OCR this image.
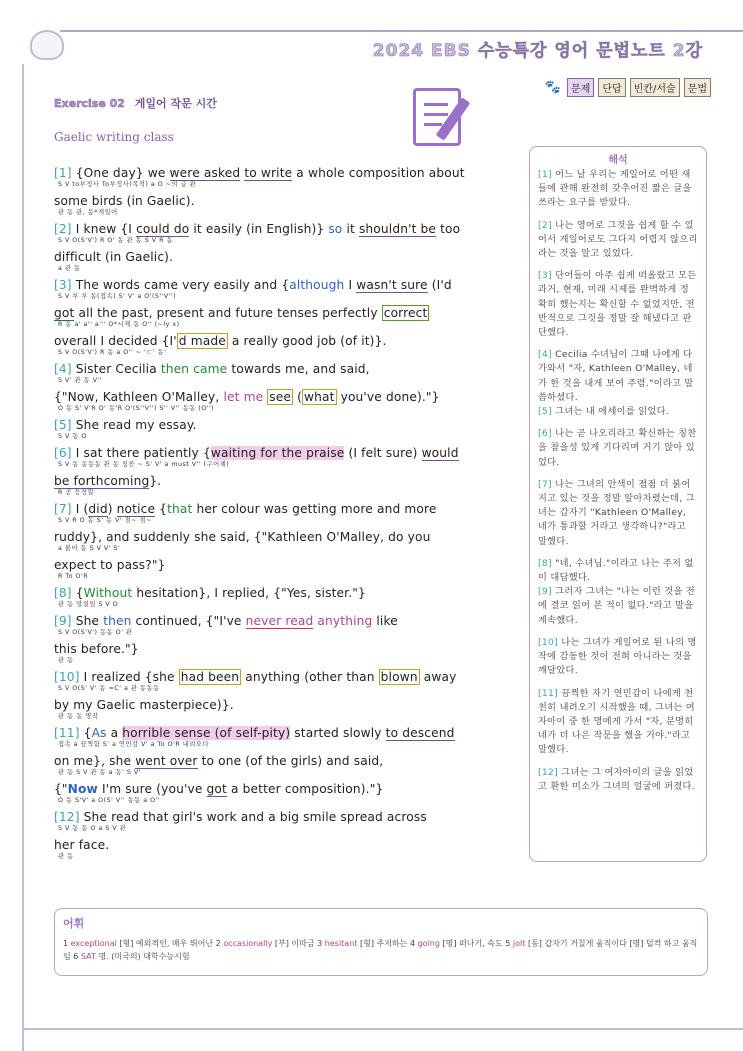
2024 EBS 수능특강 영어 문법노트 2강
🐾	문제	단답	빈칸/서술	문법
Exercise 02 게일어 작문 시간
Gaelic writing class
[1] {One day} we were asked to write a whole composition about
S V to부정사 To부정사(목적) a O ~의 글 관
some birds (in Gaelic).
관 동 관, 동*게일어
[2] I knew {I could do it easily (in English)} so it shouldn't be too
S V O(S'V') R O' 동 관 동 S V R 동
difficult (in Gaelic).
a 관 동
[3] The words came very easily and {although I wasn't sure (I'd
S V 부 부 동(접속) S' V' a O'(S''V'')
got all the past, present and future tenses perfectly correct
R 동 a' a'' a''' O*시제 동 O'' (~ly x)
overall I decided {I' d made a really good job (of it)}.
S V O(S'V') R 동 a O'' ~ 'ㄷ' 동'
[4] Sister Cecilia then came towards me, and said,
S V' 관 동 V''
{"Now, Kathleen O'Malley, let me see ( what you've done)."}
O 동 S' V'R O' 동'R O'(S''V'') S'' V'' 동동 (O'')
[5] She read my essay.
S V 동 O
[6] I sat there patiently {waiting for the praise (I felt sure) would
S V 동 동동동 관 동 칭찬 ~ S' V' a must V'' (구어체)
be forthcoming}.
R 곧 등장할
[7] I (did) notice {that her colour was getting more and more
S V R O 동 S' 동 V' 점~ 점~
ruddy}, and suddenly she said, {"Kathleen O'Malley, do you
a 붉어 동 S V V' S'
expect to pass?"}
R To O'R
[8] {Without hesitation}, I replied, {"Yes, sister."}
관 동 망설임 S V O
[9] She then continued, {"I've never read anything like
S V O(S'V') 동동 O' 관
this before."}
관 동
[10] I realized {she had been anything (other than blown away
S V O(S' V' 동 =C' a 관 동동동
by my Gaelic masterpiece)}.
관 동 동 명작
[11] {As a horrible sense (of self-pity) started slowly to descend
접속 a 끔찍함 S' a 연민감 V' a To O'R 내려오다
on me}, she went over to one (of the girls) and said,
관 동 S V 관 동 a 동' S V'
{"Now I'm sure (you've got a better composition)."}
O 동 S'V' a O(S' V'' 동동 a O''
[12] She read that girl's work and a big smile spread across
S V 동 동 O a S V 관
her face.
관 동
해석
[1] 어느 날 우리는 게일어로 어떤 새들에 관해 완전히 갖추어진 짧은 글을 쓰라는 요구를 받았다.
[2] 나는 영어로 그것을 쉽게 할 수 있어서 게일어로도 그다지 어렵지 않으리라는 것을 알고 있었다.
[3] 단어들이 아주 쉽게 떠올랐고 모든 과거, 현재, 미래 시제를 완벽하게 정확히 했는지는 확신할 수 없었지만, 전반적으로 그것을 정말 잘 해냈다고 판단했다.
[4] Cecilia 수녀님이 그때 나에게 다가와서 "자, Kathleen O'Malley, 네가 한 것을 내게 보여 주렴."이라고 말씀하셨다.
[5] 그녀는 내 에세이를 읽었다.
[6] 나는 곧 나오리라고 확신하는 칭찬을 참을성 있게 기다리며 거기 앉아 있었다.
[7] 나는 그녀의 안색이 점점 더 붉어지고 있는 것을 정말 알아차렸는데, 그녀는 갑자기 "Kathleen O'Malley, 네가 통과할 거라고 생각하니?"라고 말했다.
[8] "네, 수녀님."이라고 나는 주저 없이 대답했다.
[9] 그러자 그녀는 "나는 이런 것을 전에 결코 읽어 본 적이 없다."라고 말을 계속했다.
[10] 나는 그녀가 게일어로 된 나의 명작에 감동한 것이 전혀 아니라는 것을 깨달았다.
[11] 끔찍한 자기 연민감이 나에게 천천히 내려오기 시작했을 때, 그녀는 여자아이 중 한 명에게 가서 "자, 분명히 네가 더 나은 작문을 했을 거야."라고 말했다.
[12] 그녀는 그 여자아이의 글을 읽었고 환한 미소가 그녀의 얼굴에 퍼졌다.
어휘
1 exceptional [형] 예외적인, 매우 뛰어난 2 occasionally [부] 이따금 3 hesitant [형] 주저하는 4 going [명] 떠나기, 속도 5 jolt [동] 갑자기 거칠게 움직이다 [명] 덜컥 하고 움직임 6 SAT 명. (미국의) 대학수능시험
